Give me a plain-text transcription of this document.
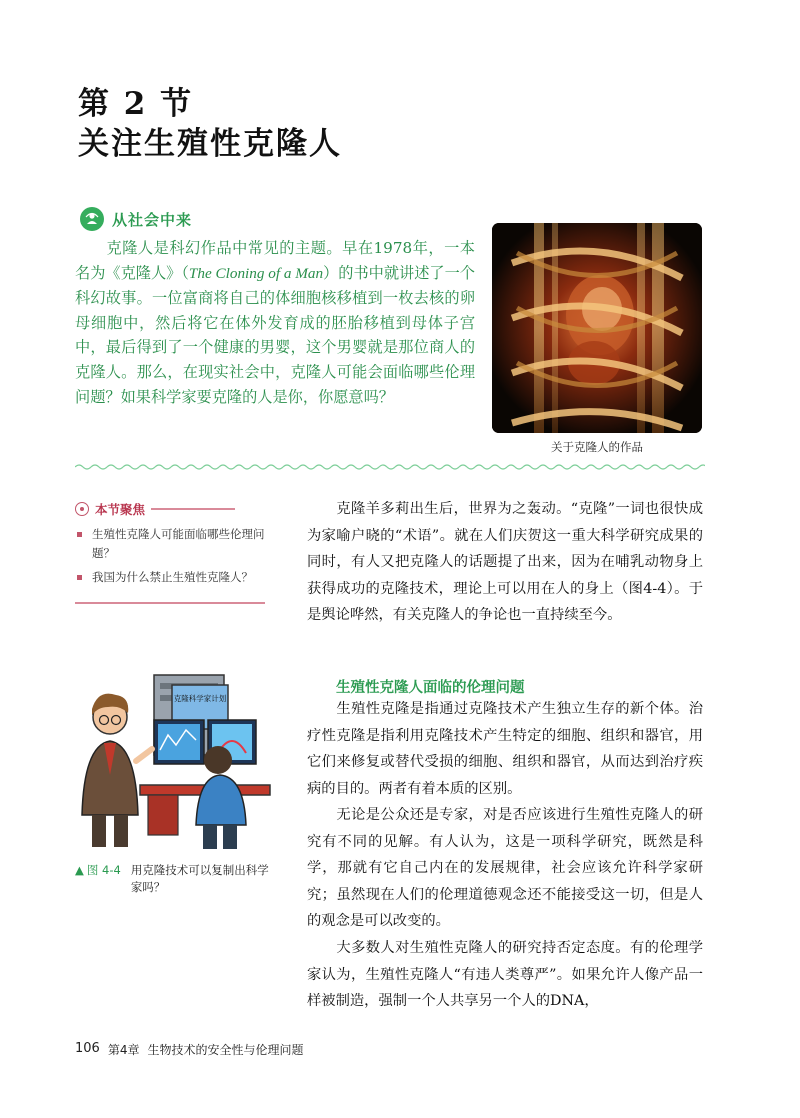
第 2 节
关注生殖性克隆人
从社会中来
克隆人是科幻作品中常见的主题。早在1978年，一本名为《克隆人》（The Cloning of a Man）的书中就讲述了一个科幻故事。一位富商将自己的体细胞核移植到一枚去核的卵母细胞中，然后将它在体外发育成的胚胎移植到母体子宫中，最后得到了一个健康的男婴，这个男婴就是那位商人的克隆人。那么，在现实社会中，克隆人可能会面临哪些伦理问题？如果科学家要克隆的人是你，你愿意吗？
关于克隆人的作品
本节聚焦
生殖性克隆人可能面临哪些伦理问题？
我国为什么禁止生殖性克隆人？
克隆羊多莉出生后，世界为之轰动。“克隆”一词也很快成为家喻户晓的“术语”。就在人们庆贺这一重大科学研究成果的同时，有人又把克隆人的话题提了出来，因为在哺乳动物身上获得成功的克隆技术，理论上可以用在人的身上（图4-4）。于是舆论哗然，有关克隆人的争论也一直持续至今。
生殖性克隆人面临的伦理问题
生殖性克隆是指通过克隆技术产生独立生存的新个体。治疗性克隆是指利用克隆技术产生特定的细胞、组织和器官，用它们来修复或替代受损的细胞、组织和器官，从而达到治疗疾病的目的。两者有着本质的区别。
无论是公众还是专家，对是否应该进行生殖性克隆人的研究有不同的见解。有人认为，这是一项科学研究，既然是科学，那就有它自己内在的发展规律，社会应该允许科学家研究；虽然现在人们的伦理道德观念还不能接受这一切，但是人的观念是可以改变的。
大多数人对生殖性克隆人的研究持否定态度。有的伦理学家认为，生殖性克隆人“有违人类尊严”。如果允许人像产品一样被制造，强制一个人共享另一个人的DNA，
克隆科学家计划
▲ 图 4-4 用克隆技术可以复制出科学家吗？
106 第4章 生物技术的安全性与伦理问题
